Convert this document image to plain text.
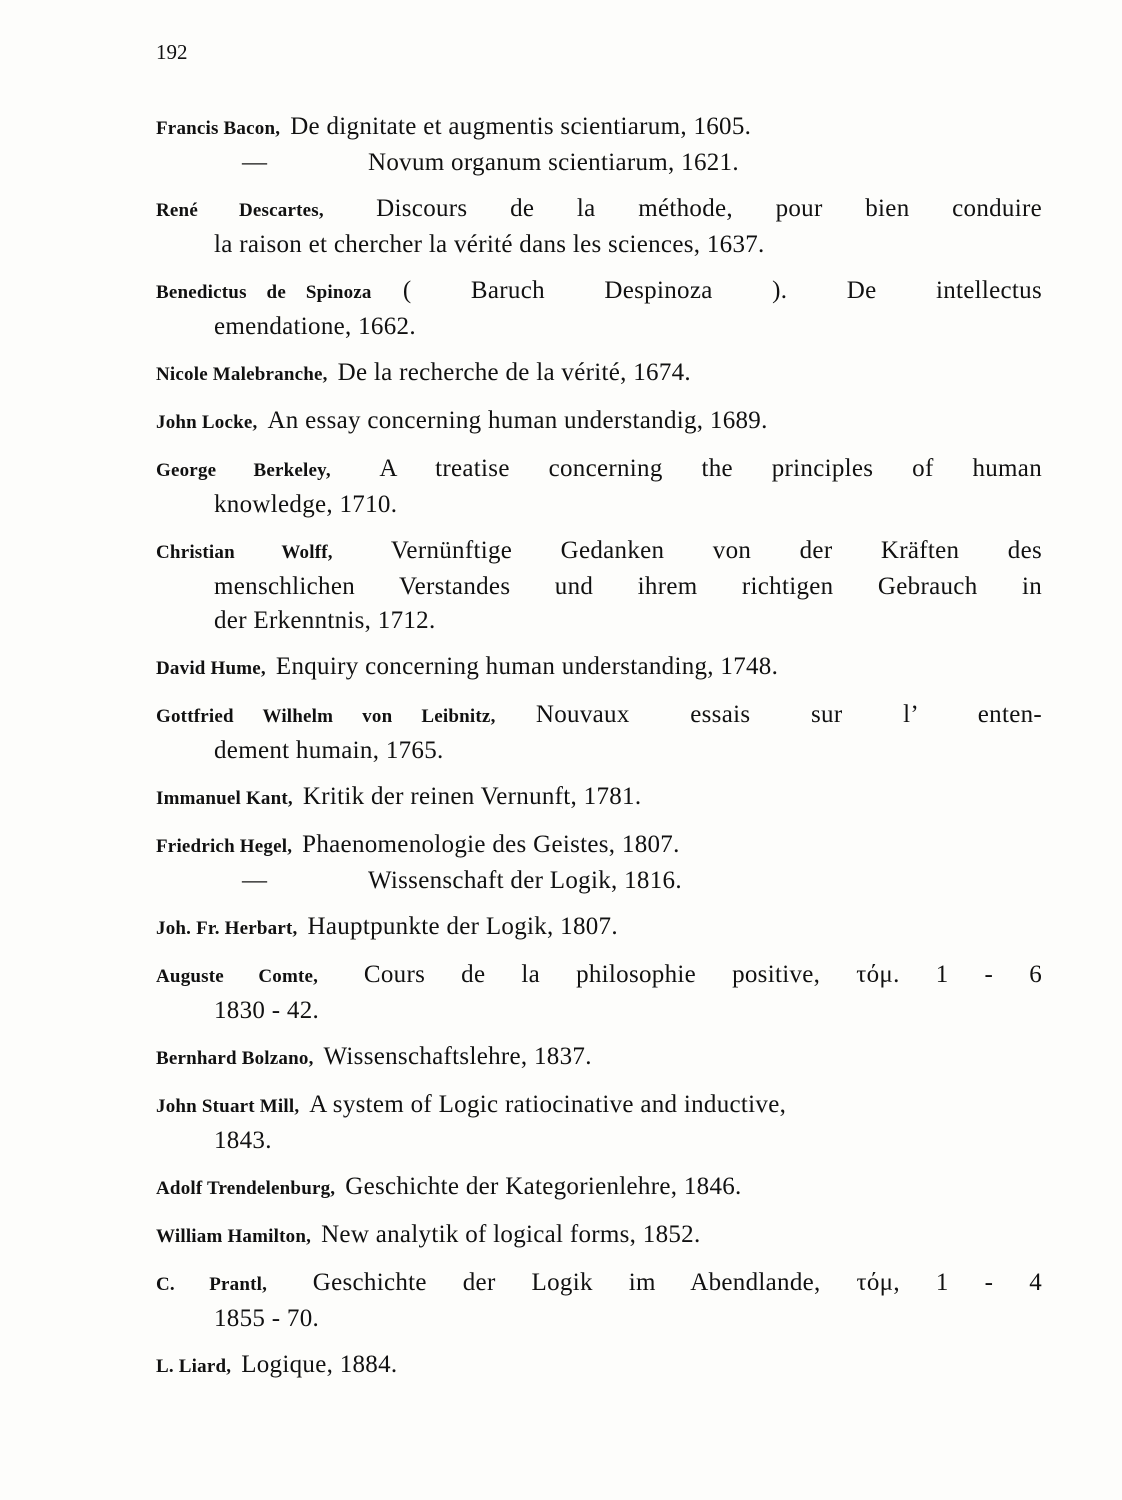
192
Francis Bacon, De dignitate et augmentis scientiarum, 1605.
—	Novum organum scientiarum, 1621.
René Descartes, Discours de la méthode, pour bien conduire
la raison et chercher la vérité dans les sciences, 1637.
Benedictus de Spinoza ( Baruch Despinoza ). De intellectus
emendatione, 1662.
Nicole Malebranche, De la recherche de la vérité, 1674.
John Locke, An essay concerning human understandig, 1689.
George Berkeley, A treatise concerning the principles of human
knowledge, 1710.
Christian Wolff, Vernünftige Gedanken von der Kräften des
menschlichen Verstandes und ihrem richtigen Gebrauch in
der Erkenntnis, 1712.
David Hume, Enquiry concerning human understanding, 1748.
Gottfried Wilhelm von Leibnitz, Nouvaux essais sur l’ enten-
dement humain, 1765.
Immanuel Kant, Kritik der reinen Vernunft, 1781.
Friedrich Hegel, Phaenomenologie des Geistes, 1807.
—	Wissenschaft der Logik, 1816.
Joh. Fr. Herbart, Hauptpunkte der Logik, 1807.
Auguste Comte, Cours de la philosophie positive, τόμ. 1 - 6
1830 - 42.
Bernhard Bolzano, Wissenschaftslehre, 1837.
John Stuart Mill, A system of Logic ratiocinative and inductive,
1843.
Adolf Trendelenburg, Geschichte der Kategorienlehre, 1846.
William Hamilton, New analytik of logical forms, 1852.
C. Prantl, Geschichte der Logik im Abendlande, τόμ, 1 - 4
1855 - 70.
L. Liard, Logique, 1884.
